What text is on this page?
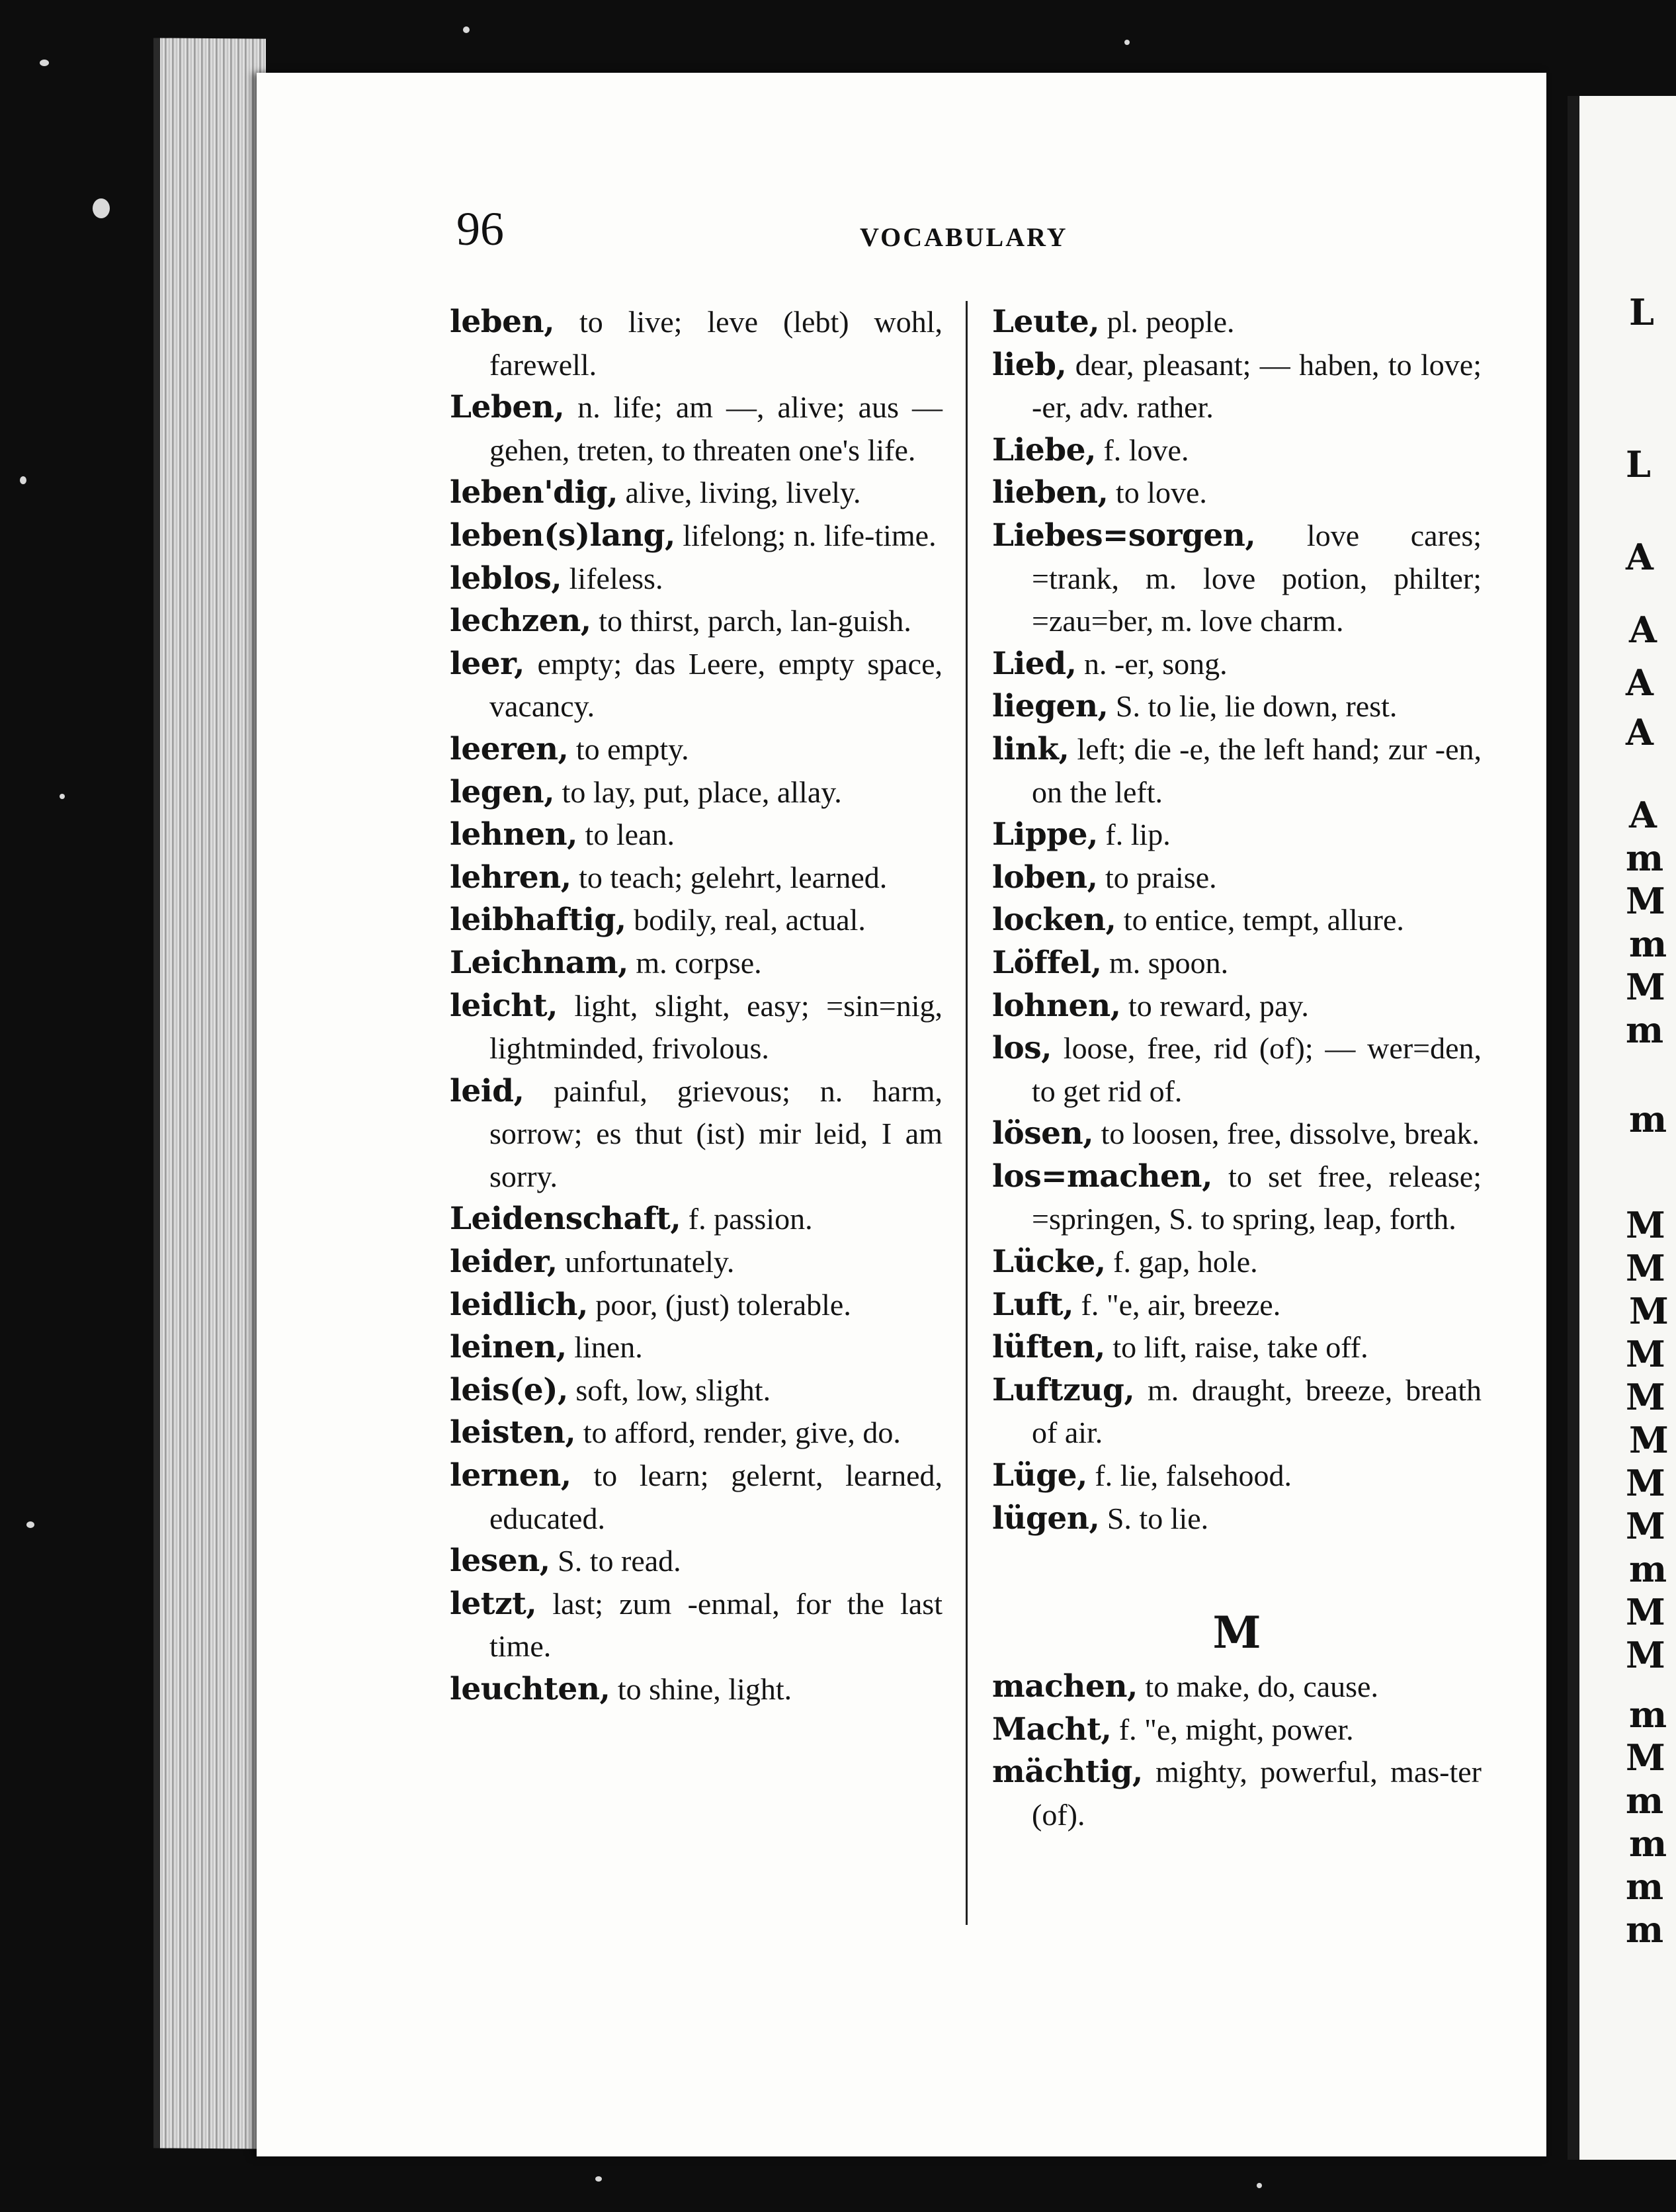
L
L
A
A
A
A
A
m
M
m
M
m
m
M
M
M
M
M
M
M
M
m
M
M
m
M
m
m
m
m
96	VOCABULARY
leben, to live; leve (lebt) wohl, farewell.
Leben, n. life; am —, alive; aus — gehen, treten, to threaten one's life.
leben'dig, alive, living, lively.
leben(s)lang, lifelong; n. life-time.
leblos, lifeless.
lechzen, to thirst, parch, lan-guish.
leer, empty; das Leere, empty space, vacancy.
leeren, to empty.
legen, to lay, put, place, allay.
lehnen, to lean.
lehren, to teach; gelehrt, learned.
leibhaftig, bodily, real, actual.
Leichnam, m. corpse.
leicht, light, slight, easy; =sin=nig, lightminded, frivolous.
leid, painful, grievous; n. harm, sorrow; es thut (ist) mir leid, I am sorry.
Leidenschaft, f. passion.
leider, unfortunately.
leidlich, poor, (just) tolerable.
leinen, linen.
leis(e), soft, low, slight.
leisten, to afford, render, give, do.
lernen, to learn; gelernt, learned, educated.
lesen, S. to read.
letzt, last; zum -enmal, for the last time.
leuchten, to shine, light.
Leute, pl. people.
lieb, dear, pleasant; — haben, to love; -er, adv. rather.
Liebe, f. love.
lieben, to love.
Liebes=sorgen, love cares; =trank, m. love potion, philter; =zau=ber, m. love charm.
Lied, n. -er, song.
liegen, S. to lie, lie down, rest.
link, left; die -e, the left hand; zur -en, on the left.
Lippe, f. lip.
loben, to praise.
locken, to entice, tempt, allure.
Löffel, m. spoon.
lohnen, to reward, pay.
los, loose, free, rid (of); — wer=den, to get rid of.
lösen, to loosen, free, dissolve, break.
los=machen, to set free, release; =springen, S. to spring, leap, forth.
Lücke, f. gap, hole.
Luft, f. "e, air, breeze.
lüften, to lift, raise, take off.
Luftzug, m. draught, breeze, breath of air.
Lüge, f. lie, falsehood.
lügen, S. to lie.
M
machen, to make, do, cause.
Macht, f. "e, might, power.
mächtig, mighty, powerful, mas-ter (of).
